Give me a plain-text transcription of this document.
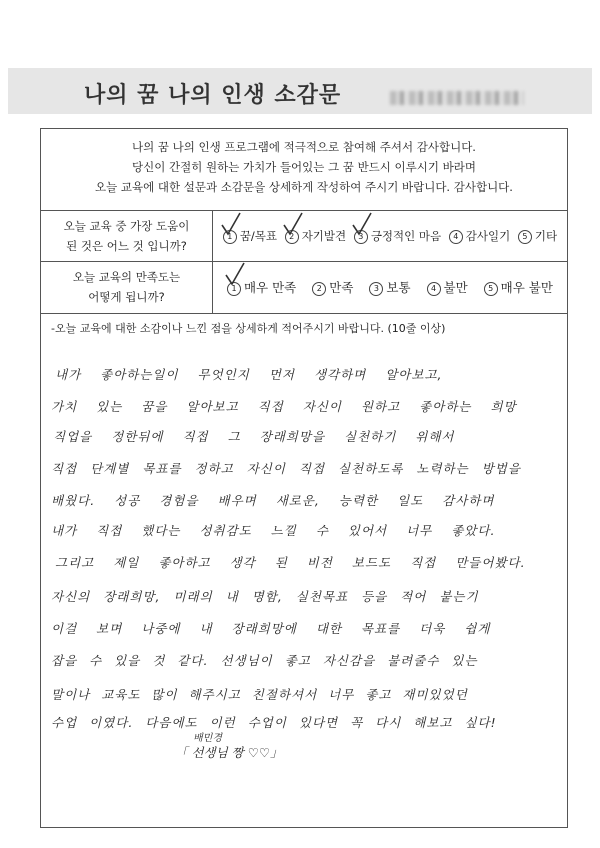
나의 꿈 나의 인생 소감문
나의 꿈 나의 인생 프로그램에 적극적으로 참여해 주셔서 감사합니다.
당신이 간절히 원하는 가치가 들어있는 그 꿈 반드시 이루시기 바라며
오늘 교육에 대한 설문과 소감문을 상세하게 작성하여 주시기 바랍니다. 감사합니다.
오늘 교육 중 가장 도움이
된 것은 어느 것 입니까?
1 꿈/목표	2 자기발견	3 긍정적인 마음	4 감사일기	5 기타
오늘 교육의 만족도는
어떻게 됩니까?
1 매우 만족	2 만족	3 보통	4 불만	5 매우 불만
-오늘 교육에 대한 소감이나 느낀 점을 상세하게 적어주시기 바랍니다. (10줄 이상)
내가 좋아하는일이 무엇인지 먼저 생각하며 알아보고,
가치 있는 꿈을 알아보고 직접 자신이 원하고 좋아하는 희망
직업을 정한뒤에 직접 그 장래희망을 실천하기 위해서
직접 단계별 목표를 정하고 자신이 직접 실천하도록 노력하는 방법을
배웠다. 성공 경험을 배우며 새로운, 능력한 일도 감사하며
내가 직접 했다는 성취감도 느낄 수 있어서 너무 좋았다.
그리고 제일 좋아하고 생각 된 비전 보드도 직접 만들어봤다.
자신의 장래희망, 미래의 내 명함, 실천목표 등을 적어 붙는기
이걸 보며 나중에 내 장래희망에 대한 목표를 더욱 쉽게
잡을 수 있을 것 같다. 선생님이 좋고 자신감을 불려줄수 있는
말이나 교육도 많이 해주시고 친절하셔서 너무 좋고 재미있었던
수업 이였다. 다음에도 이런 수업이 있다면 꼭 다시 해보고 싶다!
배민경
「 선생님 짱 ♡♡」
